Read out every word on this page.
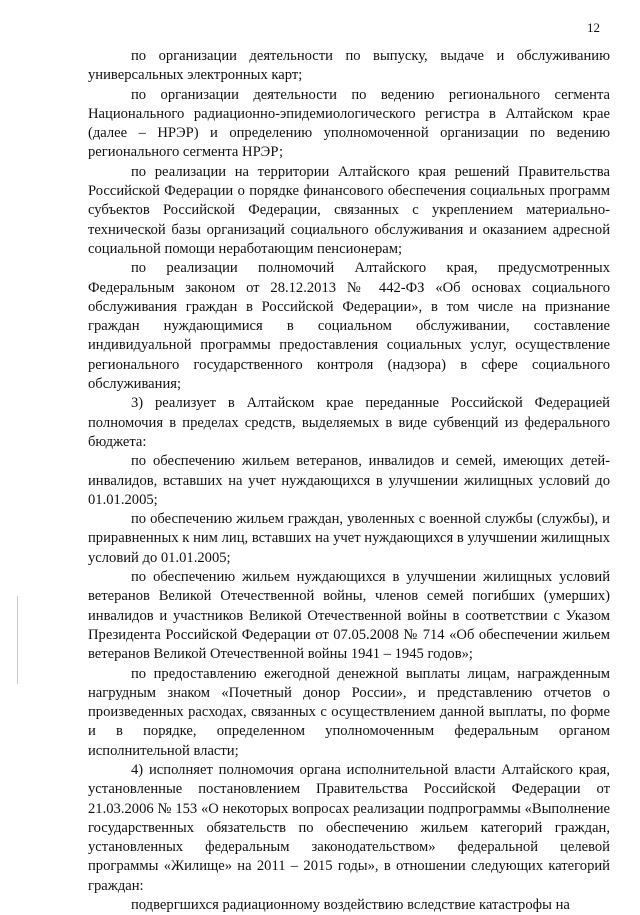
12

по организации деятельности по выпуску, выдаче и обслуживанию универсальных электронных карт;

по организации деятельности по ведению регионального сегмента Национального радиационно-эпидемиологического регистра в Алтайском крае (далее – НРЭР) и определению уполномоченной организации по ведению регионального сегмента НРЭР;

по реализации на территории Алтайского края решений Правительства Российской Федерации о порядке финансового обеспечения социальных программ субъектов Российской Федерации, связанных с укреплением материально-технической базы организаций социального обслуживания и оказанием адресной социальной помощи неработающим пенсионерам;

по реализации полномочий Алтайского края, предусмотренных Федеральным законом от 28.12.2013 № 442-ФЗ «Об основах социального обслуживания граждан в Российской Федерации», в том числе на признание граждан нуждающимися в социальном обслуживании, составление индивидуальной программы предоставления социальных услуг, осуществление регионального государственного контроля (надзора) в сфере социального обслуживания;

3) реализует в Алтайском крае переданные Российской Федерацией полномочия в пределах средств, выделяемых в виде субвенций из федерального бюджета:

по обеспечению жильем ветеранов, инвалидов и семей, имеющих детей-инвалидов, вставших на учет нуждающихся в улучшении жилищных условий до 01.01.2005;

по обеспечению жильем граждан, уволенных с военной службы (службы), и приравненных к ним лиц, вставших на учет нуждающихся в улучшении жилищных условий до 01.01.2005;

по обеспечению жильем нуждающихся в улучшении жилищных условий ветеранов Великой Отечественной войны, членов семей погибших (умерших) инвалидов и участников Великой Отечественной войны в соответствии с Указом Президента Российской Федерации от 07.05.2008 № 714 «Об обеспечении жильем ветеранов Великой Отечественной войны 1941 – 1945 годов»;

по предоставлению ежегодной денежной выплаты лицам, награжденным нагрудным знаком «Почетный донор России», и представлению отчетов о произведенных расходах, связанных с осуществлением данной выплаты, по форме и в порядке, определенном уполномоченным федеральным органом исполнительной власти;

4) исполняет полномочия органа исполнительной власти Алтайского края, установленные постановлением Правительства Российской Федерации от 21.03.2006 № 153 «О некоторых вопросах реализации подпрограммы «Выполнение государственных обязательств по обеспечению жильем категорий граждан, установленных федеральным законодательством» федеральной целевой программы «Жилище» на 2011 – 2015 годы», в отношении следующих категорий граждан:

подвергшихся радиационному воздействию вследствие катастрофы на
